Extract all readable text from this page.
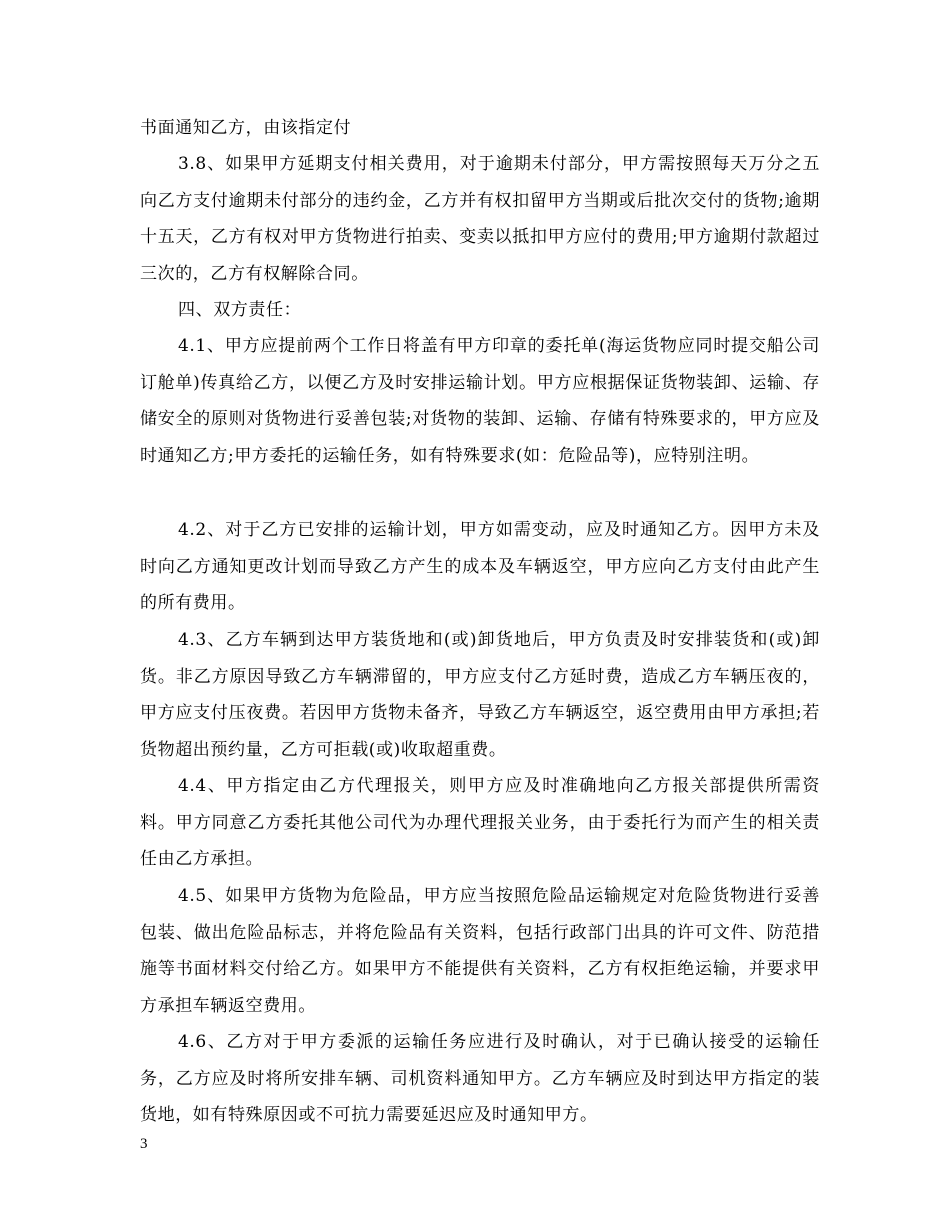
书面通知乙方，由该指定付

3.8、如果甲方延期支付相关费用，对于逾期未付部分，甲方需按照每天万分之五向乙方支付逾期未付部分的违约金，乙方并有权扣留甲方当期或后批次交付的货物;逾期十五天，乙方有权对甲方货物进行拍卖、变卖以抵扣甲方应付的费用;甲方逾期付款超过三次的，乙方有权解除合同。

四、双方责任：

4.1、甲方应提前两个工作日将盖有甲方印章的委托单(海运货物应同时提交船公司订舱单)传真给乙方，以便乙方及时安排运输计划。甲方应根据保证货物装卸、运输、存储安全的原则对货物进行妥善包装;对货物的装卸、运输、存储有特殊要求的，甲方应及时通知乙方;甲方委托的运输任务，如有特殊要求(如：危险品等)，应特别注明。

4.2、对于乙方已安排的运输计划，甲方如需变动，应及时通知乙方。因甲方未及时向乙方通知更改计划而导致乙方产生的成本及车辆返空，甲方应向乙方支付由此产生的所有费用。

4.3、乙方车辆到达甲方装货地和(或)卸货地后，甲方负责及时安排装货和(或)卸货。非乙方原因导致乙方车辆滞留的，甲方应支付乙方延时费，造成乙方车辆压夜的，甲方应支付压夜费。若因甲方货物未备齐，导致乙方车辆返空，返空费用由甲方承担;若货物超出预约量，乙方可拒载(或)收取超重费。

4.4、甲方指定由乙方代理报关，则甲方应及时准确地向乙方报关部提供所需资料。甲方同意乙方委托其他公司代为办理代理报关业务，由于委托行为而产生的相关责任由乙方承担。

4.5、如果甲方货物为危险品，甲方应当按照危险品运输规定对危险货物进行妥善包装、做出危险品标志，并将危险品有关资料，包括行政部门出具的许可文件、防范措施等书面材料交付给乙方。如果甲方不能提供有关资料，乙方有权拒绝运输，并要求甲方承担车辆返空费用。

4.6、乙方对于甲方委派的运输任务应进行及时确认，对于已确认接受的运输任务，乙方应及时将所安排车辆、司机资料通知甲方。乙方车辆应及时到达甲方指定的装货地，如有特殊原因或不可抗力需要延迟应及时通知甲方。

3
